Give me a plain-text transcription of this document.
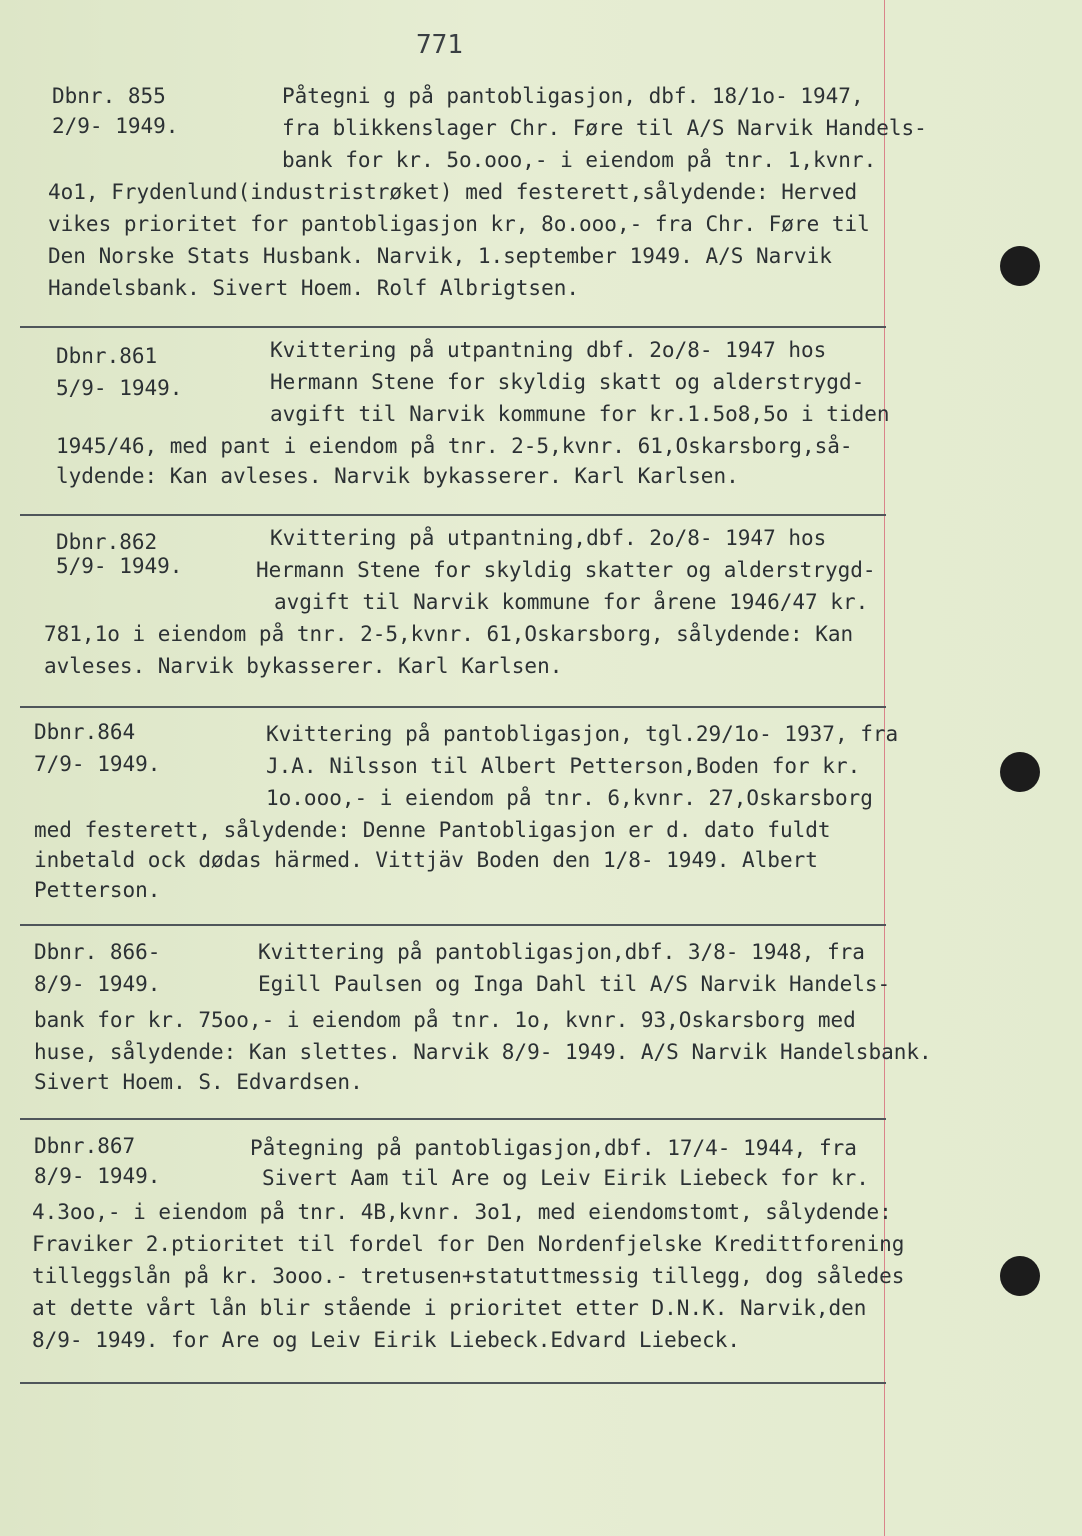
771
Dbnr. 855
2/9- 1949.
Påtegni g på pantobligasjon, dbf. 18/1o- 1947,
fra blikkenslager Chr. Føre til A/S Narvik Handels-
bank for kr. 5o.ooo,- i eiendom på tnr. 1,kvnr.
4o1, Frydenlund(industristrøket) med festerett,sålydende: Herved
vikes prioritet for pantobligasjon kr, 8o.ooo,- fra Chr. Føre til
Den Norske Stats Husbank. Narvik, 1.september 1949. A/S Narvik
Handelsbank. Sivert Hoem. Rolf Albrigtsen.
Dbnr.861
5/9- 1949.
Kvittering på utpantning dbf. 2o/8- 1947 hos
Hermann Stene for skyldig skatt og alderstrygd-
avgift til Narvik kommune for kr.1.5o8,5o i tiden
1945/46, med pant i eiendom på tnr. 2-5,kvnr. 61,Oskarsborg,så-
lydende: Kan avleses. Narvik bykasserer. Karl Karlsen.
Dbnr.862
5/9- 1949.
Kvittering på utpantning,dbf. 2o/8- 1947 hos
Hermann Stene for skyldig skatter og alderstrygd-
avgift til Narvik kommune for årene 1946/47 kr.
781,1o i eiendom på tnr. 2-5,kvnr. 61,Oskarsborg, sålydende: Kan
avleses. Narvik bykasserer. Karl Karlsen.
Dbnr.864
7/9- 1949.
Kvittering på pantobligasjon, tgl.29/1o- 1937, fra
J.A. Nilsson til Albert Petterson,Boden for kr.
1o.ooo,- i eiendom på tnr. 6,kvnr. 27,Oskarsborg
med festerett, sålydende: Denne Pantobligasjon er d. dato fuldt
inbetald ock dødas härmed. Vittjäv Boden den 1/8- 1949. Albert
Petterson.
Dbnr. 866-
8/9- 1949.
Kvittering på pantobligasjon,dbf. 3/8- 1948, fra
Egill Paulsen og Inga Dahl til A/S Narvik Handels-
bank for kr. 75oo,- i eiendom på tnr. 1o, kvnr. 93,Oskarsborg med
huse, sålydende: Kan slettes. Narvik 8/9- 1949. A/S Narvik Handelsbank.
Sivert Hoem. S. Edvardsen.
Dbnr.867
8/9- 1949.
Påtegning på pantobligasjon,dbf. 17/4- 1944, fra
Sivert Aam til Are og Leiv Eirik Liebeck for kr.
4.3oo,- i eiendom på tnr. 4B,kvnr. 3o1, med eiendomstomt, sålydende:
Fraviker 2.ptioritet til fordel for Den Nordenfjelske Kredittforening
tilleggslån på kr. 3ooo.- tretusen+statuttmessig tillegg, dog således
at dette vårt lån blir stående i prioritet etter D.N.K. Narvik,den
8/9- 1949. for Are og Leiv Eirik Liebeck.Edvard Liebeck.
